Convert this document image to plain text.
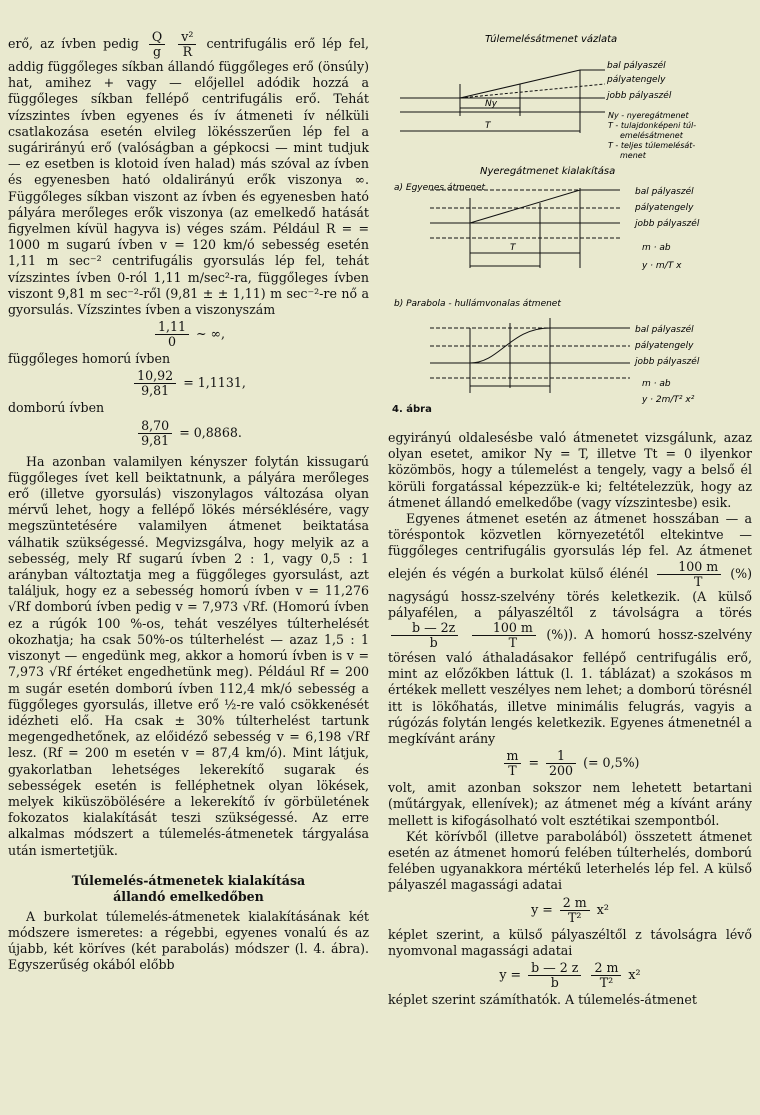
erő, az ívben pedig $\frac{Q}{g}$
$\frac{\text{v²}}{R}$ centrifugális erő lép fel, addig függőleges síkban állandó függőleges erő (önsúly) hat, amihez + vagy — előjellel adódik hozzá a függőleges síkban fellépő centrifugális erő. Tehát vízszintes ívben egyenes és ív átmeneti ív nélküli csatlakozása esetén elvileg lökésszerűen lép fel a sugárirányú erő (valóságban a gépkocsi — mint tudjuk — ez esetben is klotoid íven halad) más szóval az ívben és egyenesben ható oldalirányú erők viszonya ∞. Függőleges síkban viszont az ívben és egyenesben ható pályára merőleges erők viszonya (az emelkedő hatását figyelmen kívül hagyva is) véges szám. Például R = = 1000 m sugarú ívben v = 120 km/ó sebesség esetén 1,11 m sec⁻² centrifugális gyorsulás lép fel, tehát vízszintes ívben 0-ról 1,11 m/sec²-ra, függőleges ívben viszont 9,81 m sec⁻²-ről (9,81 ± ± 1,11) m sec⁻²-re nő a gyorsulás. Vízszintes ívben a viszonyszám

$\frac{1,11}{0}$ ~ ∞,

függőleges homorú ívben

$\frac{10,92}{9,81} = 1,1131$,

domború ívben

$\frac{8,70}{9,81} = 0,8868$.

Ha azonban valamilyen kényszer folytán kissugarú függőleges ívet kell beiktatnunk, a pályára merőleges erő (illetve gyorsulás) viszonylagos változása olyan mérvű lehet, hogy a fellépő lökés mérséklésére, vagy megszüntetésére valamilyen átmenet beiktatása válhatik szükségessé. Megvizsgálva, hogy melyik az a sebesség, mely Rf sugarú ívben 2 : 1, vagy 0,5 : 1 arányban változtatja meg a függőleges gyorsulást, azt találjuk, hogy ez a sebesség homorú ívben v = 11,276 √Rf domború ívben pedig v = 7,973 √Rf. (Homorú ívben ez a rúgók 100 %-os, tehát veszélyes túlterhelését okozhatja; ha csak 50%-os túlterhelést — azaz 1,5 : 1 viszonyt — engedünk meg, akkor a homorú ívben is v = 7,973 √Rf értéket engedhetünk meg). Például Rf = 200 m sugár esetén domború ívben 112,4 mk/ó sebesség a függőleges gyorsulás, illetve erő ½-re való csökkenését idézheti elő. Ha csak ± 30% túlterhelést tartunk megengedhetőnek, az előidéző sebesség v = 6,198 √Rf lesz. (Rf = 200 m esetén v = 87,4 km/ó). Mint látjuk, gyakorlatban lehetséges lekerekítő sugarak és sebességek esetén is felléphetnek olyan lökések, melyek kiküszöbölésére a lekerekítő ív görbületének fokozatos kialakítását teszi szükségessé. Az erre alkalmas módszert a túlemelés-átmenetek tárgyalása után ismertetjük.

Túlemelés-átmenetek kialakítása
állandó emelkedőben

A burkolat túlemelés-átmenetek kialakításának két módszere ismeretes: a régebbi, egyenes vonalú és az újabb, két köríves (két parabolás) módszer (l. 4. ábra). Egyszerűség okából előbb

Túlemelésátmenet vázlata
bal pályaszél
pályatengely
jobb pályaszél
Ny
T
Ny - nyeregátmenet
T - tulajdonképeni túl-
emelésátmenet
T - teljes túlemelésát-
menet
Nyeregátmenet kialakítása
a) Egyenes átmenet	bal pályaszél
pályatengely
jobb pályaszél
T	m · ab
y · m/T x
b) Parabola - hullámvonalas átmenet
bal pályaszél
pályatengely
jobb pályaszél
m · ab
y · 2m/T² x²
4. ábra

egyirányú oldalesésbe való átmenetet vizsgálunk, azaz olyan esetet, amikor Ny = T, illetve Tt = 0 ilyenkor közömbös, hogy a túlemelést a tengely, vagy a belső él körüli forgatással képezzük-e ki; feltételezzük, hogy az átmenet állandó emelkedőbe (vagy vízszintesbe) esik.

Egyenes átmenet esetén az átmenet hosszában — a töréspontok közvetlen környezetétől eltekintve — függőleges centrifugális gyorsulás lép fel. Az átmenet elején és végén a burkolat külső élénél $\frac{100 m}{T}$ (%) nagyságú hossz-szelvény törés keletkezik. (A külső pályafélen, a pályaszéltől z távolságra a törés
$\frac{b — 2z}{b}$
$\frac{100 m}{T}$ (%)). A homorú hossz-szelvény törésen való áthaladásakor fellépő centrifugális erő, mint az előzőkben láttuk (l. 1. táblázat) a szokásos m értékek mellett veszélyes nem lehet; a domború törésnél itt is lökőhatás, illetve minimális felugrás, vagyis a rúgózás folytán lengés keletkezik. Egyenes átmenetnél a megkívánt arány

$\frac{m}{T} = \frac{1}{200}$ (= 0,5%)

volt, amit azonban sokszor nem lehetett betartani (műtárgyak, ellenívek); az átmenet még a kívánt arány mellett is kifogásolható volt esztétikai szempontból.

Két körívből (illetve parabolából) összetett átmenet esetén az átmenet homorú felében túlterhelés, domború felében ugyanakkora mértékű leterhelés lép fel. A külső pályaszél magassági adatai

$y = \frac{2 m}{\text{T²}} x^2$

képlet szerint, a külső pályaszéltől z távolságra lévő nyomvonal magassági adatai

$y = \frac{b — 2 z}{b}$
$\frac{2 m}{\text{T²}} x^2$

képlet szerint számíthatók. A túlemelés-átmenet
